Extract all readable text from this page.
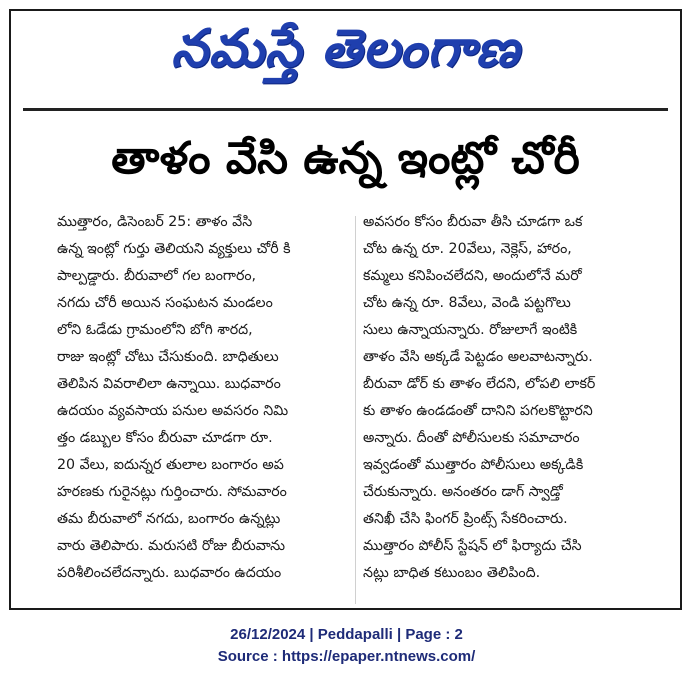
నమస్తే తెలంగాణ
తాళం వేసి ఉన్న ఇంట్లో చోరీ
ముత్తారం, డిసెంబర్ 25: తాళం వేసి
ఉన్న ఇంట్లో గుర్తు తెలియని వ్యక్తులు చోరీ కి
పాల్పడ్డారు. బీరువాలో గల బంగారం,
నగదు చోరీ అయిన సంఘటన మండలం
లోని ఓడేడు గ్రామంలోని బోగి శారద,
రాజు ఇంట్లో చోటు చేసుకుంది. బాధితులు
తెలిపిన వివరాలిలా ఉన్నాయి. బుధవారం
ఉదయం వ్యవసాయ పనుల అవసరం నిమి
త్తం డబ్బుల కోసం బీరువా చూడగా రూ.
20 వేలు, ఐదున్నర తులాల బంగారం అప
హరణకు గురైనట్లు గుర్తించారు. సోమవారం
తమ బీరువాలో నగదు, బంగారం ఉన్నట్లు
వారు తెలిపారు. మరుసటి రోజు బీరువాను
పరిశీలించలేదన్నారు. బుధవారం ఉదయం
అవసరం కోసం బీరువా తీసి చూడగా ఒక
చోట ఉన్న రూ. 20వేలు, నెక్లెస్, హారం,
కమ్మలు కనిపించలేదని, అందులోనే మరో
చోట ఉన్న రూ. 8వేలు, వెండి పట్టగొలు
సులు ఉన్నాయన్నారు. రోజులాగే ఇంటికి
తాళం వేసి అక్కడే పెట్టడం అలవాటన్నారు.
బీరువా డోర్ కు తాళం లేదని, లోపలి లాకర్
కు తాళం ఉండడంతో దానిని పగలకొట్టారని
అన్నారు. దీంతో పోలీసులకు సమాచారం
ఇవ్వడంతో ముత్తారం పోలీసులు అక్కడికి
చేరుకున్నారు. అనంతరం డాగ్ స్వాడ్తో
తనిఖీ చేసి ఫింగర్ ప్రింట్స్ సేకరించారు.
ముత్తారం పోలీస్ స్టేషన్ లో ఫిర్యాదు చేసి
నట్లు బాధిత కటుంబం తెలిపింది.
26/12/2024 | Peddapalli | Page : 2
Source : https://epaper.ntnews.com/
